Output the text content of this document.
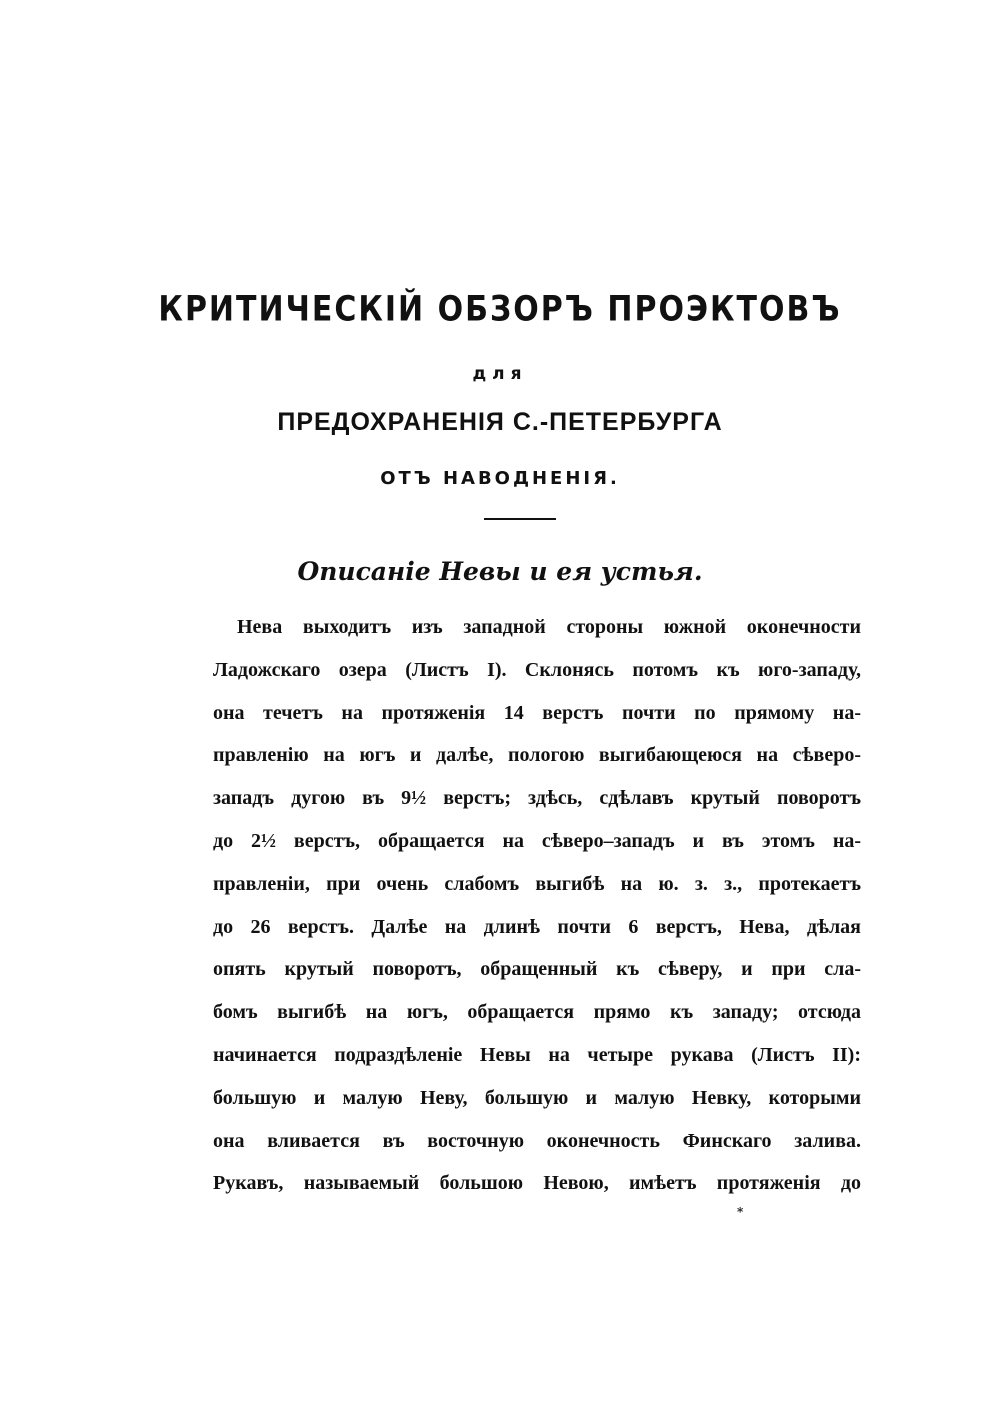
КРИТИЧЕСКІЙ ОБЗОРЪ ПРОЭКТОВЪ
для
ПРЕДОХРАНЕНІЯ С.-ПЕТЕРБУРГА
ОТЪ НАВОДНЕНІЯ.
Описаніе Невы и ея устья.
Нева выходитъ изъ западной стороны южной оконечности
Ладожскаго озера (Листъ I). Склонясь потомъ къ юго-западу,
она течетъ на протяженія 14 верстъ почти по прямому на-
правленію на югъ и далѣе, пологою выгибающеюся на сѣверо-
западъ дугою въ 9½ верстъ; здѣсь, сдѣлавъ крутый поворотъ
до 2½ верстъ, обращается на сѣверо–западъ и въ этомъ на-
правленіи, при очень слабомъ выгибѣ на ю. з. з., протекаетъ
до 26 верстъ. Далѣе на длинѣ почти 6 верстъ, Нева, дѣлая
опять крутый поворотъ, обращенный къ сѣверу, и при сла-
бомъ выгибѣ на югъ, обращается прямо къ западу; отсюда
начинается подраздѣленіе Невы на четыре рукава (Листъ II):
большую и малую Неву, большую и малую Невку, которыми
она вливается въ восточную оконечность Финскаго залива.
Рукавъ, называемый большою Невою, имѣетъ протяженія до
*
